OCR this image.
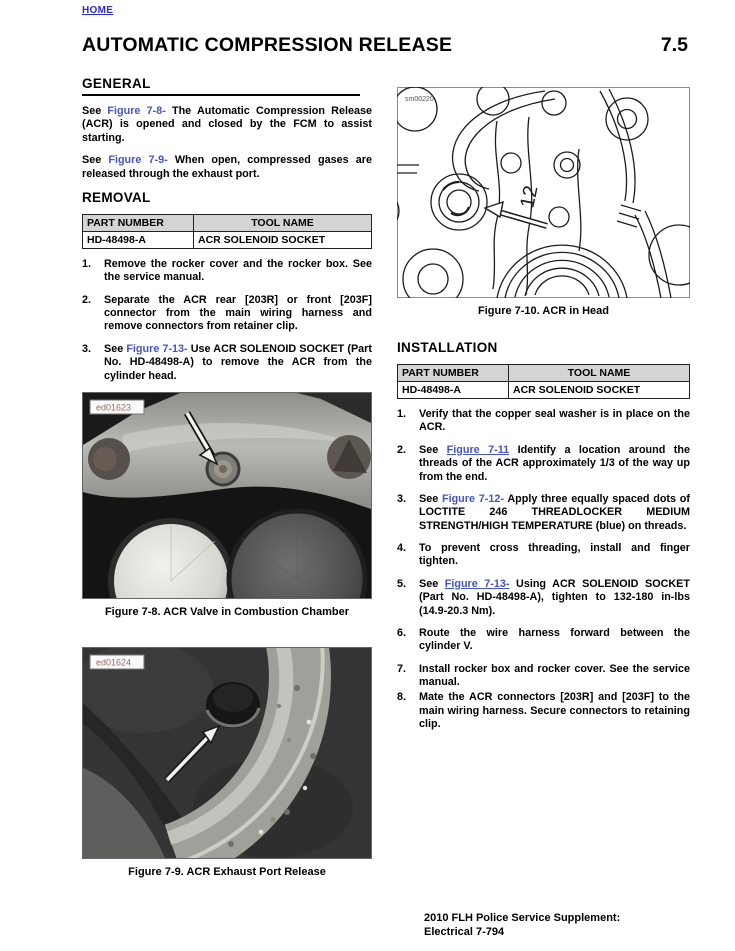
HOME
AUTOMATIC COMPRESSION RELEASE	7.5
GENERAL

See Figure 7-8- The Automatic Compression Release (ACR) is opened and closed by the FCM to assist starting.

See Figure 7-9- When open, compressed gases are released through the exhaust port.

REMOVAL
PART NUMBER	TOOL NAME
HD-48498-A	ACR SOLENOID SOCKET
1.	Remove the rocker cover and the rocker box. See the service manual.
2.	Separate the ACR rear [203R] or front [203F] connector from the main wiring harness and remove connectors from retainer clip.
3.	See Figure 7-13- Use ACR SOLENOID SOCKET (Part No. HD-48498-A) to remove the ACR from the cylinder head.
ed01623
Figure 7-8. ACR Valve in Combustion Chamber
ed01624
Figure 7-9. ACR Exhaust Port Release
12
sm00220
Figure 7-10. ACR in Head
INSTALLATION
PART NUMBER	TOOL NAME
HD-48498-A	ACR SOLENOID SOCKET
1.	Verify that the copper seal washer is in place on the ACR.
2.	See Figure 7-11 Identify a location around the threads of the ACR approximately 1/3 of the way up from the end.
3.	See Figure 7-12- Apply three equally spaced dots of LOCTITE 246 THREADLOCKER MEDIUM STRENGTH/HIGH TEMPERATURE (blue) on threads.
4.	To prevent cross threading, install and finger tighten.
5.	See Figure 7-13- Using ACR SOLENOID SOCKET (Part No. HD-48498-A), tighten to 132-180 in-lbs (14.9-20.3 Nm).
6.	Route the wire harness forward between the cylinder V.
7.	Install rocker box and rocker cover. See the service manual.
8.	Mate the ACR connectors [203R] and [203F] to the main wiring harness. Secure connectors to retaining clip.
2010 FLH Police Service Supplement: Electrical 7-794
